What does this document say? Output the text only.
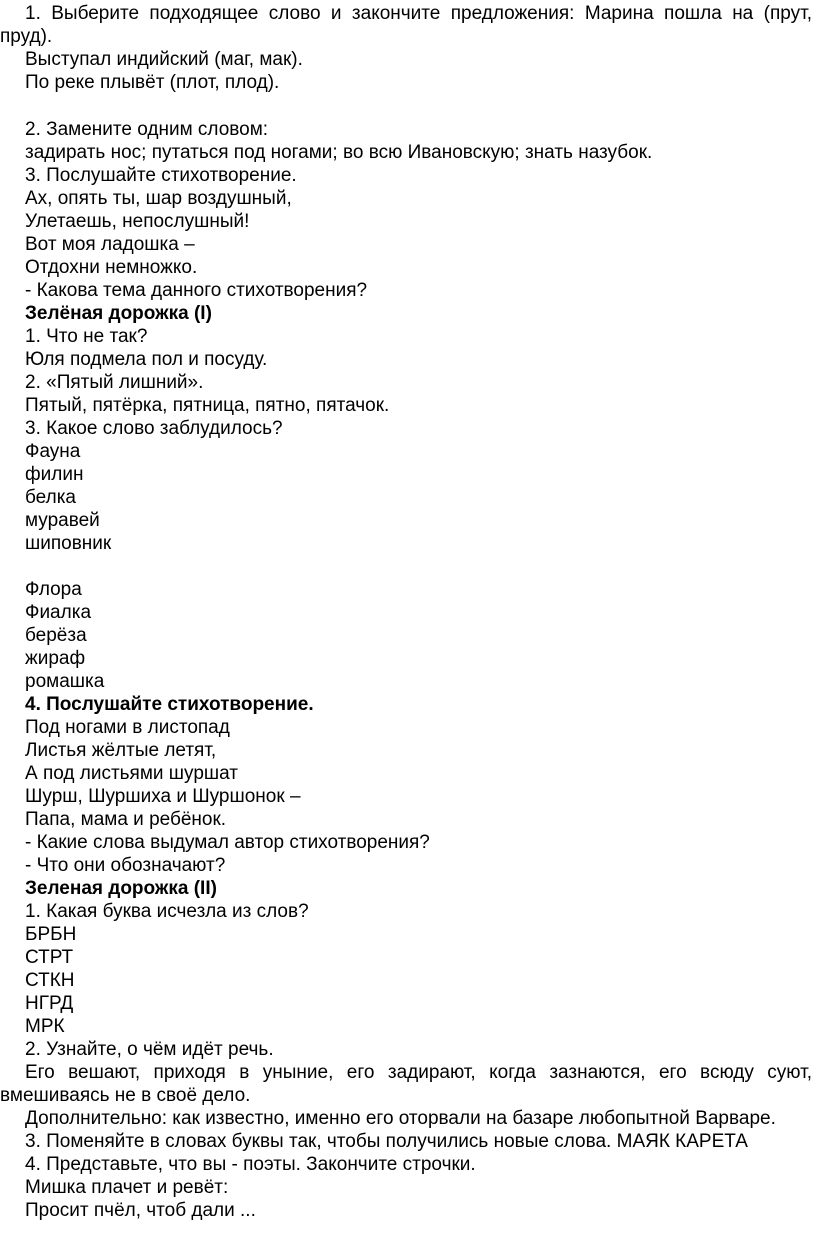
1. Выберите подходящее слово и закончите предложения: Марина пошла на (прут, пруд).
Выступал индийский (маг, мак).
По реке плывёт (плот, плод).
2. Замените одним словом:
задирать нос; путаться под ногами; во всю Ивановскую; знать назубок.
3. Послушайте стихотворение.
Ах, опять ты, шар воздушный,
Улетаешь, непослушный!
Вот моя ладошка –
Отдохни немножко.
- Какова тема данного стихотворения?
Зелёная дорожка (I)
1. Что не так?
Юля подмела пол и посуду.
2. «Пятый лишний».
Пятый, пятёрка, пятница, пятно, пятачок.
3. Какое слово заблудилось?
Фауна
филин
белка
муравей
шиповник
Флора
Фиалка
берёза
жираф
ромашка
4. Послушайте стихотворение.
Под ногами в листопад
Листья жёлтые летят,
А под листьями шуршат
Шурш, Шуршиха и Шуршонок –
Папа, мама и ребёнок.
- Какие слова выдумал автор стихотворения?
- Что они обозначают?
Зеленая дорожка (II)
1. Какая буква исчезла из слов?
БРБН
СТРТ
СТКН
НГРД
МРК
2. Узнайте, о чём идёт речь.
Его вешают, приходя в уныние, его задирают, когда зазнаются, его всюду суют, вмешиваясь не в своё дело.
Дополнительно: как известно, именно его оторвали на базаре любопытной Варваре.
3. Поменяйте в словах буквы так, чтобы получились новые слова. МАЯК КАРЕТА
4. Представьте, что вы - поэты. Закончите строчки.
Мишка плачет и ревёт:
Просит пчёл, чтоб дали ...
